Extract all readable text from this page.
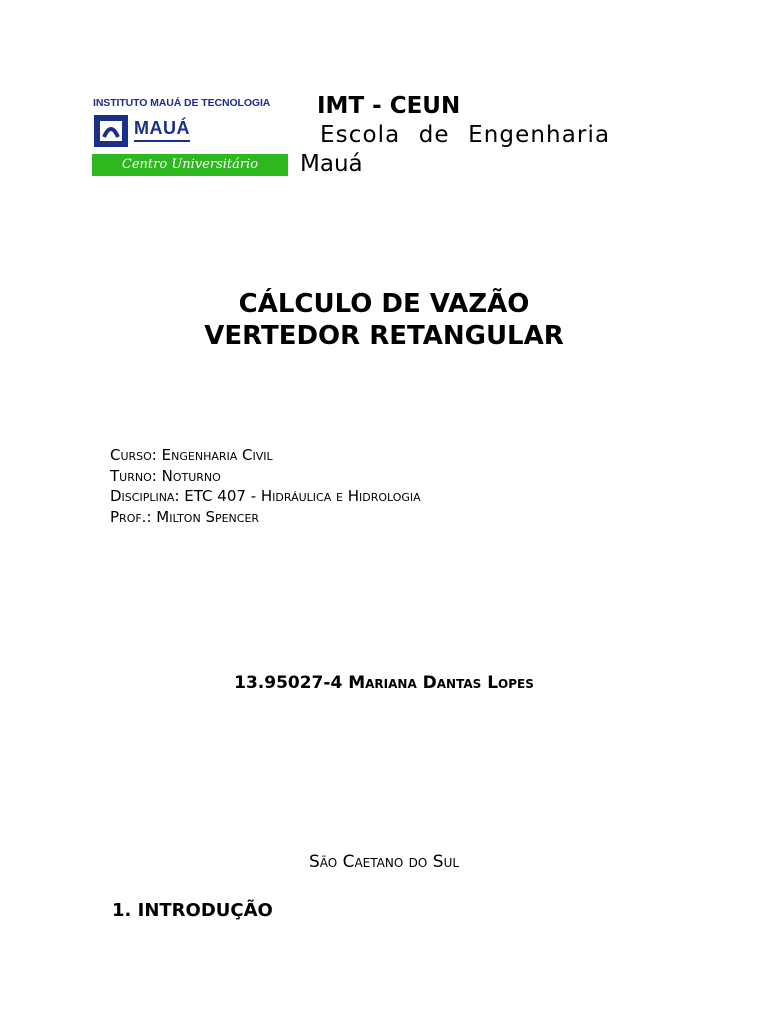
INSTITUTO MAUÁ DE TECNOLOGIA
MAUÁ
Centro Universitário
IMT - CEUN
Escola de Engenharia
Mauá
CÁLCULO DE VAZÃO
VERTEDOR RETANGULAR
Curso: Engenharia Civil
Turno: Noturno
Disciplina: ETC 407 - Hidráulica e Hidrologia
Prof.: Milton Spencer
13.95027-4 Mariana Dantas Lopes
São Caetano do Sul
1. INTRODUÇÃO
